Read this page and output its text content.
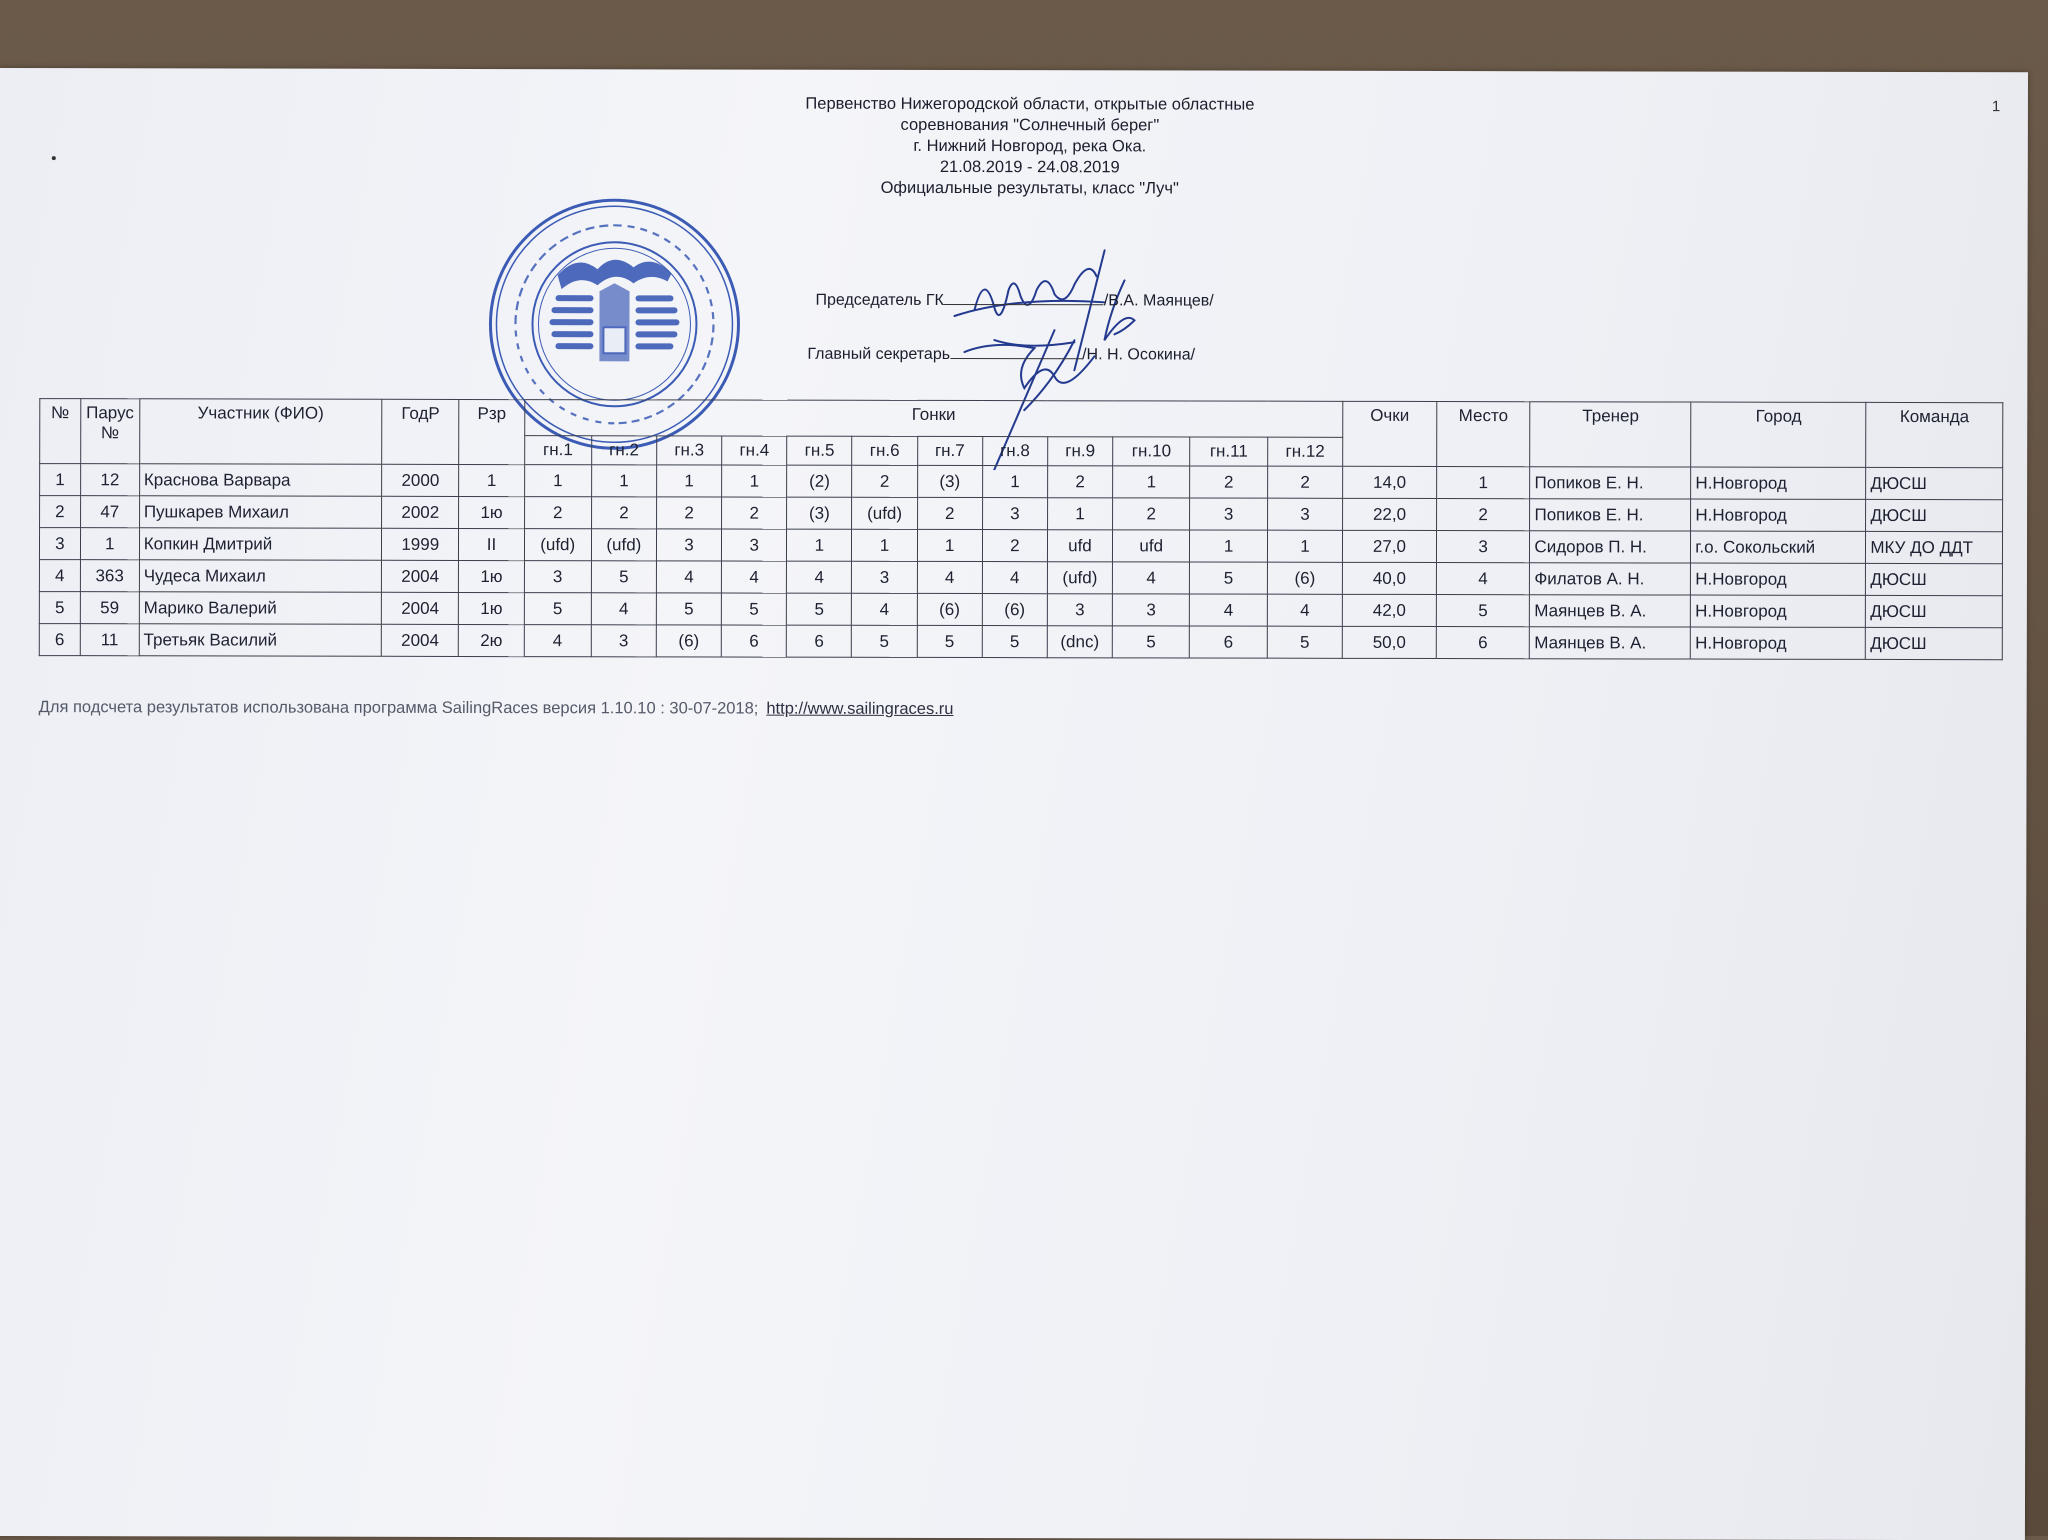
1
Первенство Нижегородской области, открытые областные
соревнования "Солнечный берег"
г. Нижний Новгород, река Ока.
21.08.2019 - 24.08.2019
Официальные результаты, класс "Луч"
Председатель ГК	/В.А. Маянцев/
Главный секретарь	/Н. Н. Осокина/
№	Парус №	Участник (ФИО)	ГодР	Рзр	Гонки												Очки	Место	Тренер	Город	Команда
					гн.1	гн.2	гн.3	гн.4	гн.5	гн.6	гн.7	гн.8	гн.9	гн.10	гн.11	гн.12					
1	12	Краснова Варвара	2000	1	1	1	1	1	(2)	2	(3)	1	2	1	2	2	14,0	1	Попиков Е. Н.	Н.Новгород	ДЮСШ
2	47	Пушкарев Михаил	2002	1ю	2	2	2	2	(3)	(ufd)	2	3	1	2	3	3	22,0	2	Попиков Е. Н.	Н.Новгород	ДЮСШ
3	1	Копкин Дмитрий	1999	II	(ufd)	(ufd)	3	3	1	1	1	2	ufd	ufd	1	1	27,0	3	Сидоров П. Н.	г.о. Сокольский	МКУ ДО ДДТ
4	363	Чудеса Михаил	2004	1ю	3	5	4	4	4	3	4	4	(ufd)	4	5	(6)	40,0	4	Филатов А. Н.	Н.Новгород	ДЮСШ
5	59	Марико Валерий	2004	1ю	5	4	5	5	5	4	(6)	(6)	3	3	4	4	42,0	5	Маянцев В. А.	Н.Новгород	ДЮСШ
6	11	Третьяк Василий	2004	2ю	4	3	(6)	6	6	5	5	5	(dnc)	5	6	5	50,0	6	Маянцев В. А.	Н.Новгород	ДЮСШ
Для подсчета результатов использована программа SailingRaces версия 1.10.10 : 30-07-2018; http://www.sailingraces.ru
